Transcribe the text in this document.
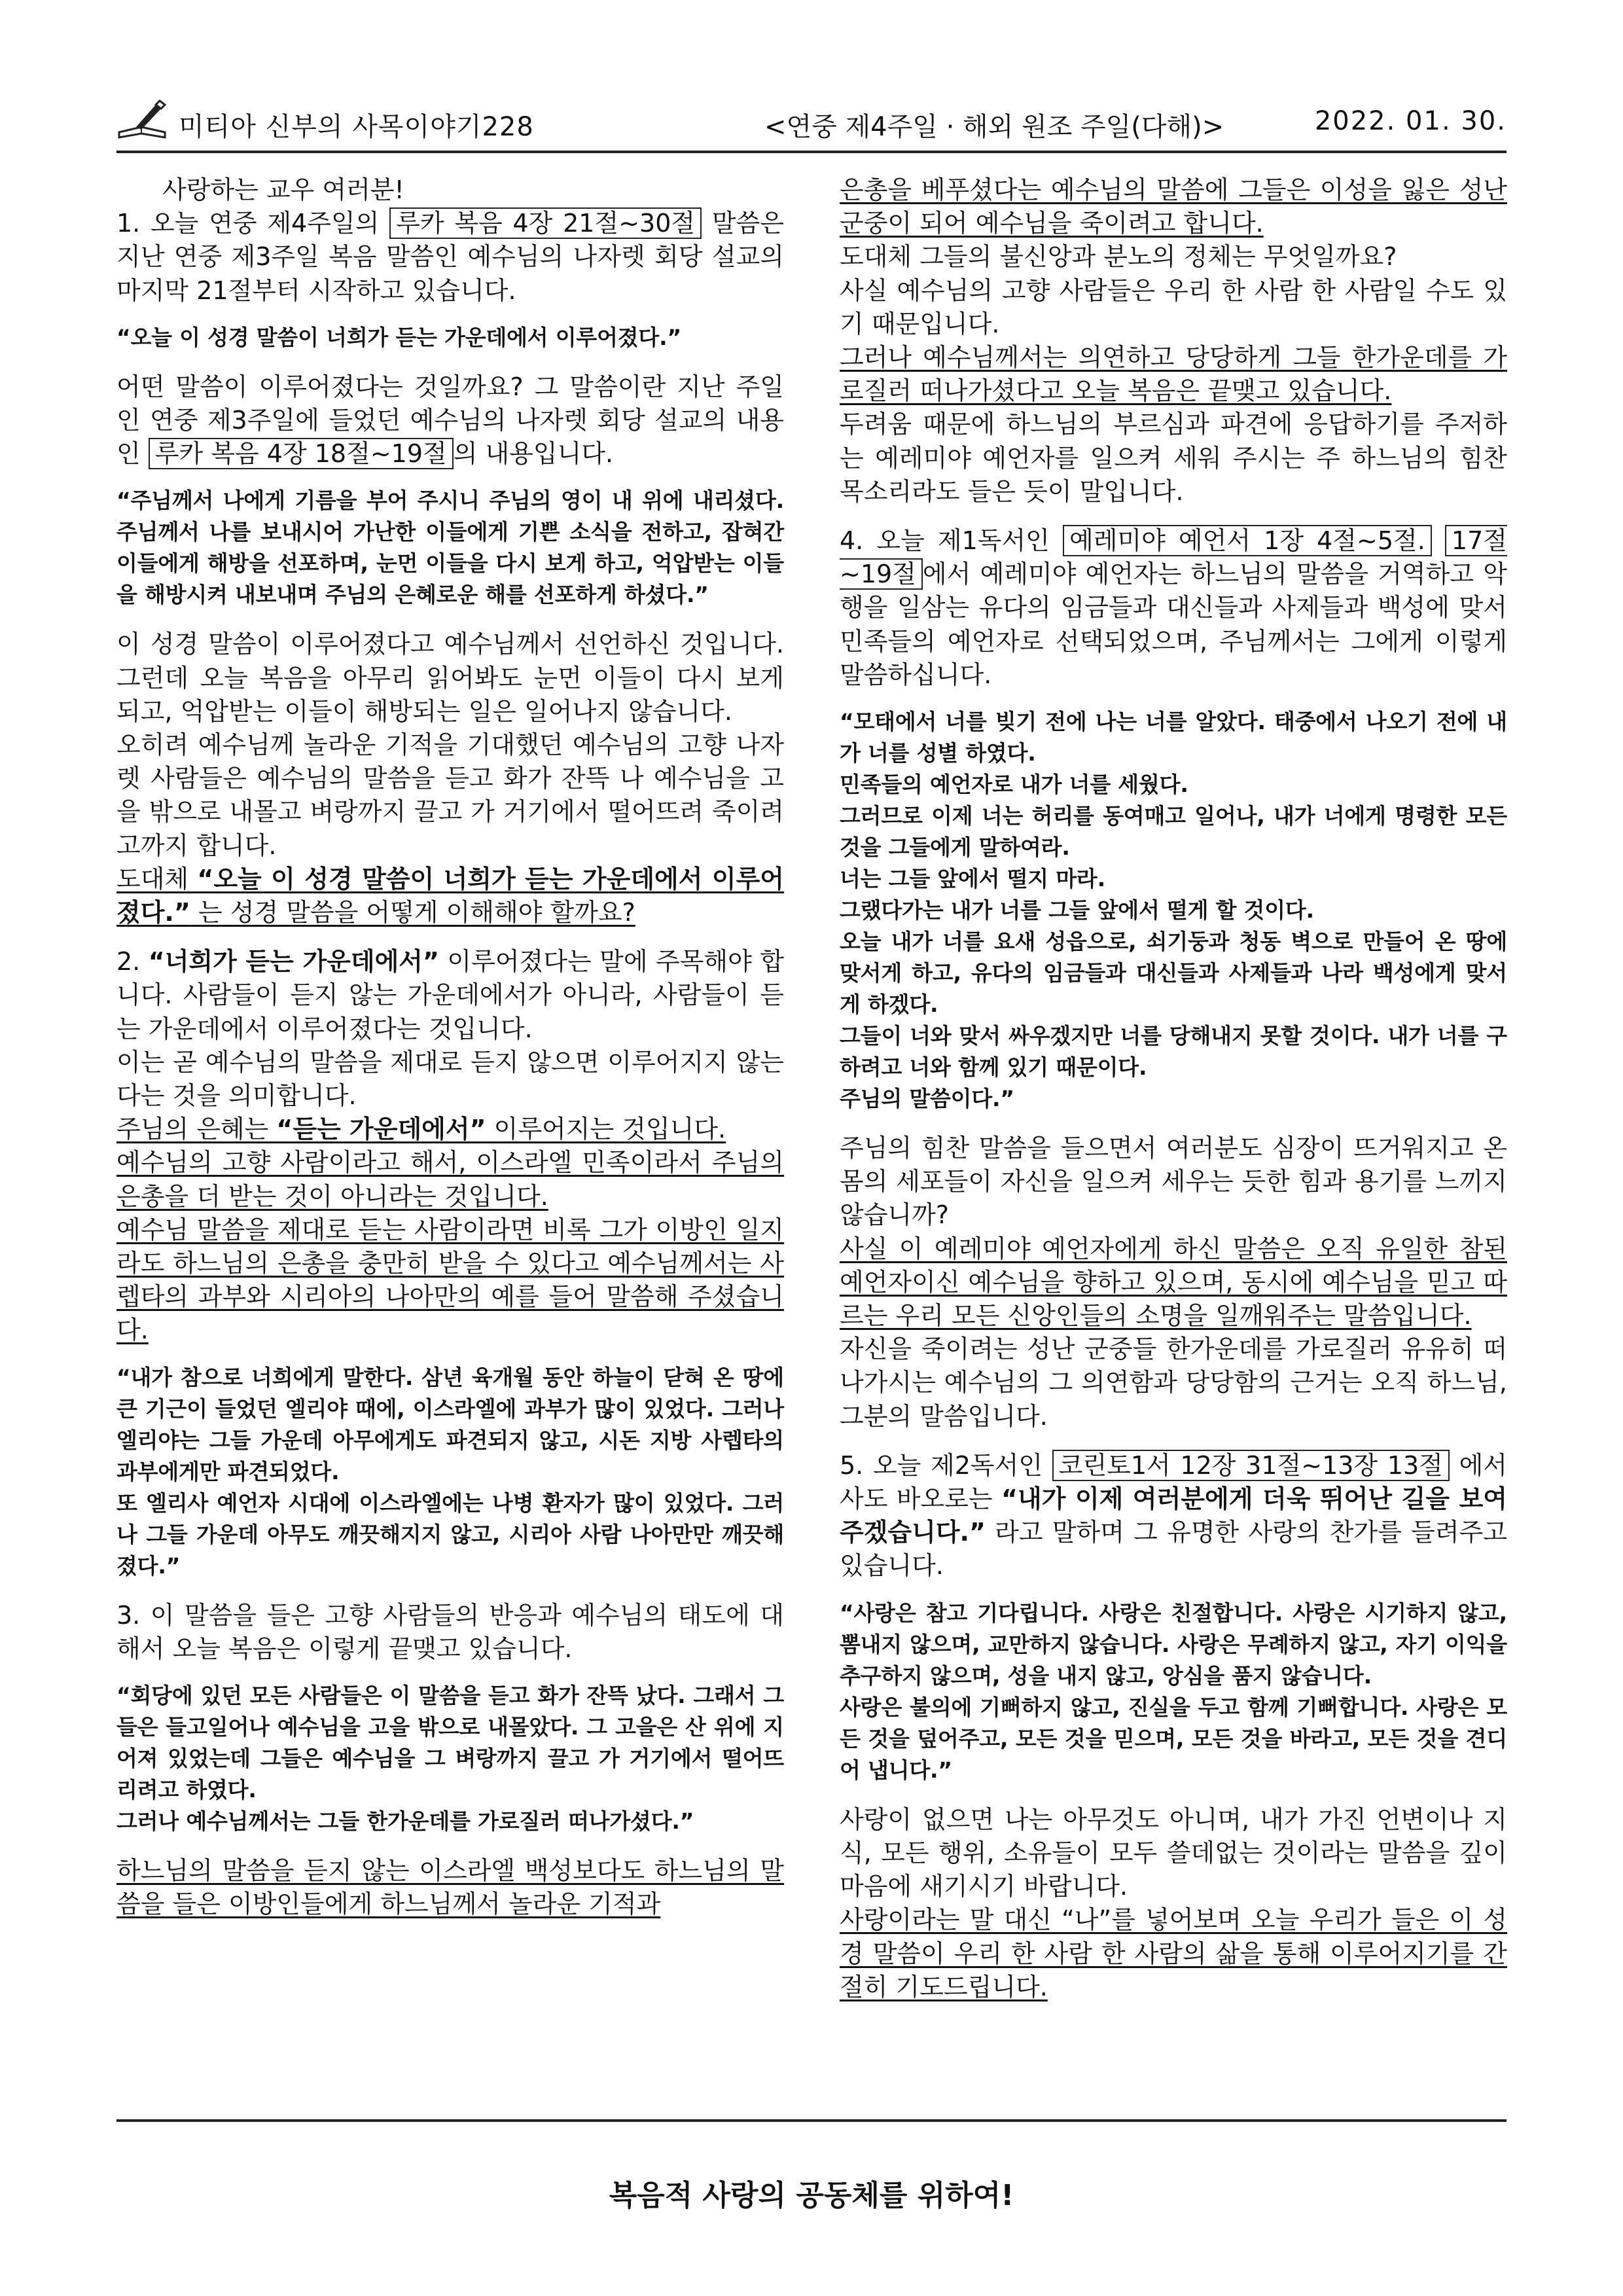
미티아 신부의 사목이야기228	<연중 제4주일 · 해외 원조 주일(다해)>	2022. 01. 30.

사랑하는 교우 여러분!

1. 오늘 연중 제4주일의 루카 복음 4장 21절~30절 말씀은 지난 연중 제3주일 복음 말씀인 예수님의 나자렛 회당 설교의 마지막 21절부터 시작하고 있습니다.

“오늘 이 성경 말씀이 너희가 듣는 가운데에서 이루어졌다.”

어떤 말씀이 이루어졌다는 것일까요? 그 말씀이란 지난 주일인 연중 제3주일에 들었던 예수님의 나자렛 회당 설교의 내용인 루카 복음 4장 18절~19절 의 내용입니다.

“주님께서 나에게 기름을 부어 주시니 주님의 영이 내 위에 내리셨다. 주님께서 나를 보내시어 가난한 이들에게 기쁜 소식을 전하고, 잡혀간 이들에게 해방을 선포하며, 눈먼 이들을 다시 보게 하고, 억압받는 이들을 해방시켜 내보내며 주님의 은혜로운 해를 선포하게 하셨다.”

이 성경 말씀이 이루어졌다고 예수님께서 선언하신 것입니다. 그런데 오늘 복음을 아무리 읽어봐도 눈먼 이들이 다시 보게 되고, 억압받는 이들이 해방되는 일은 일어나지 않습니다.

오히려 예수님께 놀라운 기적을 기대했던 예수님의 고향 나자렛 사람들은 예수님의 말씀을 듣고 화가 잔뜩 나 예수님을 고을 밖으로 내몰고 벼랑까지 끌고 가 거기에서 떨어뜨려 죽이려고까지 합니다.

도대체 “오늘 이 성경 말씀이 너희가 듣는 가운데에서 이루어졌다.” 는 성경 말씀을 어떻게 이해해야 할까요?

2. “너희가 듣는 가운데에서” 이루어졌다는 말에 주목해야 합니다. 사람들이 듣지 않는 가운데에서가 아니라, 사람들이 듣는 가운데에서 이루어졌다는 것입니다.

이는 곧 예수님의 말씀을 제대로 듣지 않으면 이루어지지 않는다는 것을 의미합니다.

주님의 은혜는 “듣는 가운데에서” 이루어지는 것입니다.

예수님의 고향 사람이라고 해서, 이스라엘 민족이라서 주님의 은총을 더 받는 것이 아니라는 것입니다.

예수님 말씀을 제대로 듣는 사람이라면 비록 그가 이방인 일지라도 하느님의 은총을 충만히 받을 수 있다고 예수님께서는 사렙타의 과부와 시리아의 나아만의 예를 들어 말씀해 주셨습니다.

“내가 참으로 너희에게 말한다. 삼년 육개월 동안 하늘이 닫혀 온 땅에 큰 기근이 들었던 엘리야 때에, 이스라엘에 과부가 많이 있었다. 그러나 엘리야는 그들 가운데 아무에게도 파견되지 않고, 시돈 지방 사렙타의 과부에게만 파견되었다.

또 엘리사 예언자 시대에 이스라엘에는 나병 환자가 많이 있었다. 그러나 그들 가운데 아무도 깨끗해지지 않고, 시리아 사람 나아만만 깨끗해졌다.”

3. 이 말씀을 들은 고향 사람들의 반응과 예수님의 태도에 대해서 오늘 복음은 이렇게 끝맺고 있습니다.

“회당에 있던 모든 사람들은 이 말씀을 듣고 화가 잔뜩 났다. 그래서 그들은 들고일어나 예수님을 고을 밖으로 내몰았다. 그 고을은 산 위에 지어져 있었는데 그들은 예수님을 그 벼랑까지 끌고 가 거기에서 떨어뜨리려고 하였다.

그러나 예수님께서는 그들 한가운데를 가로질러 떠나가셨다.”

하느님의 말씀을 듣지 않는 이스라엘 백성보다도 하느님의 말씀을 들은 이방인들에게 하느님께서 놀라운 기적과

은총을 베푸셨다는 예수님의 말씀에 그들은 이성을 잃은 성난 군중이 되어 예수님을 죽이려고 합니다.

도대체 그들의 불신앙과 분노의 정체는 무엇일까요?

사실 예수님의 고향 사람들은 우리 한 사람 한 사람일 수도 있기 때문입니다.

그러나 예수님께서는 의연하고 당당하게 그들 한가운데를 가로질러 떠나가셨다고 오늘 복음은 끝맺고 있습니다.

두려움 때문에 하느님의 부르심과 파견에 응답하기를 주저하는 예레미야 예언자를 일으켜 세워 주시는 주 하느님의 힘찬 목소리라도 들은 듯이 말입니다.

4. 오늘 제1독서인 예레미야 예언서 1장 4절~5절. 17절~19절 에서 예레미야 예언자는 하느님의 말씀을 거역하고 악행을 일삼는 유다의 임금들과 대신들과 사제들과 백성에 맞서 민족들의 예언자로 선택되었으며, 주님께서는 그에게 이렇게 말씀하십니다.

“모태에서 너를 빚기 전에 나는 너를 알았다. 태중에서 나오기 전에 내가 너를 성별 하였다.

민족들의 예언자로 내가 너를 세웠다.

그러므로 이제 너는 허리를 동여매고 일어나, 내가 너에게 명령한 모든 것을 그들에게 말하여라.

너는 그들 앞에서 떨지 마라.

그랬다가는 내가 너를 그들 앞에서 떨게 할 것이다.

오늘 내가 너를 요새 성읍으로, 쇠기둥과 청동 벽으로 만들어 온 땅에 맞서게 하고, 유다의 임금들과 대신들과 사제들과 나라 백성에게 맞서게 하겠다.

그들이 너와 맞서 싸우겠지만 너를 당해내지 못할 것이다. 내가 너를 구하려고 너와 함께 있기 때문이다.

주님의 말씀이다.”

주님의 힘찬 말씀을 들으면서 여러분도 심장이 뜨거워지고 온몸의 세포들이 자신을 일으켜 세우는 듯한 힘과 용기를 느끼지 않습니까?

사실 이 예레미야 예언자에게 하신 말씀은 오직 유일한 참된 예언자이신 예수님을 향하고 있으며, 동시에 예수님을 믿고 따르는 우리 모든 신앙인들의 소명을 일깨워주는 말씀입니다.

자신을 죽이려는 성난 군중들 한가운데를 가로질러 유유히 떠나가시는 예수님의 그 의연함과 당당함의 근거는 오직 하느님, 그분의 말씀입니다.

5. 오늘 제2독서인 코린토1서 12장 31절~13장 13절 에서 사도 바오로는 “내가 이제 여러분에게 더욱 뛰어난 길을 보여 주겠습니다.” 라고 말하며 그 유명한 사랑의 찬가를 들려주고 있습니다.

“사랑은 참고 기다립니다. 사랑은 친절합니다. 사랑은 시기하지 않고, 뽐내지 않으며, 교만하지 않습니다. 사랑은 무례하지 않고, 자기 이익을 추구하지 않으며, 성을 내지 않고, 앙심을 품지 않습니다.

사랑은 불의에 기뻐하지 않고, 진실을 두고 함께 기뻐합니다. 사랑은 모든 것을 덮어주고, 모든 것을 믿으며, 모든 것을 바라고, 모든 것을 견디어 냅니다.”

사랑이 없으면 나는 아무것도 아니며, 내가 가진 언변이나 지식, 모든 행위, 소유들이 모두 쓸데없는 것이라는 말씀을 깊이 마음에 새기시기 바랍니다.

사랑이라는 말 대신 “나”를 넣어보며 오늘 우리가 들은 이 성경 말씀이 우리 한 사람 한 사람의 삶을 통해 이루어지기를 간절히 기도드립니다.

복음적 사랑의 공동체를 위하여!
